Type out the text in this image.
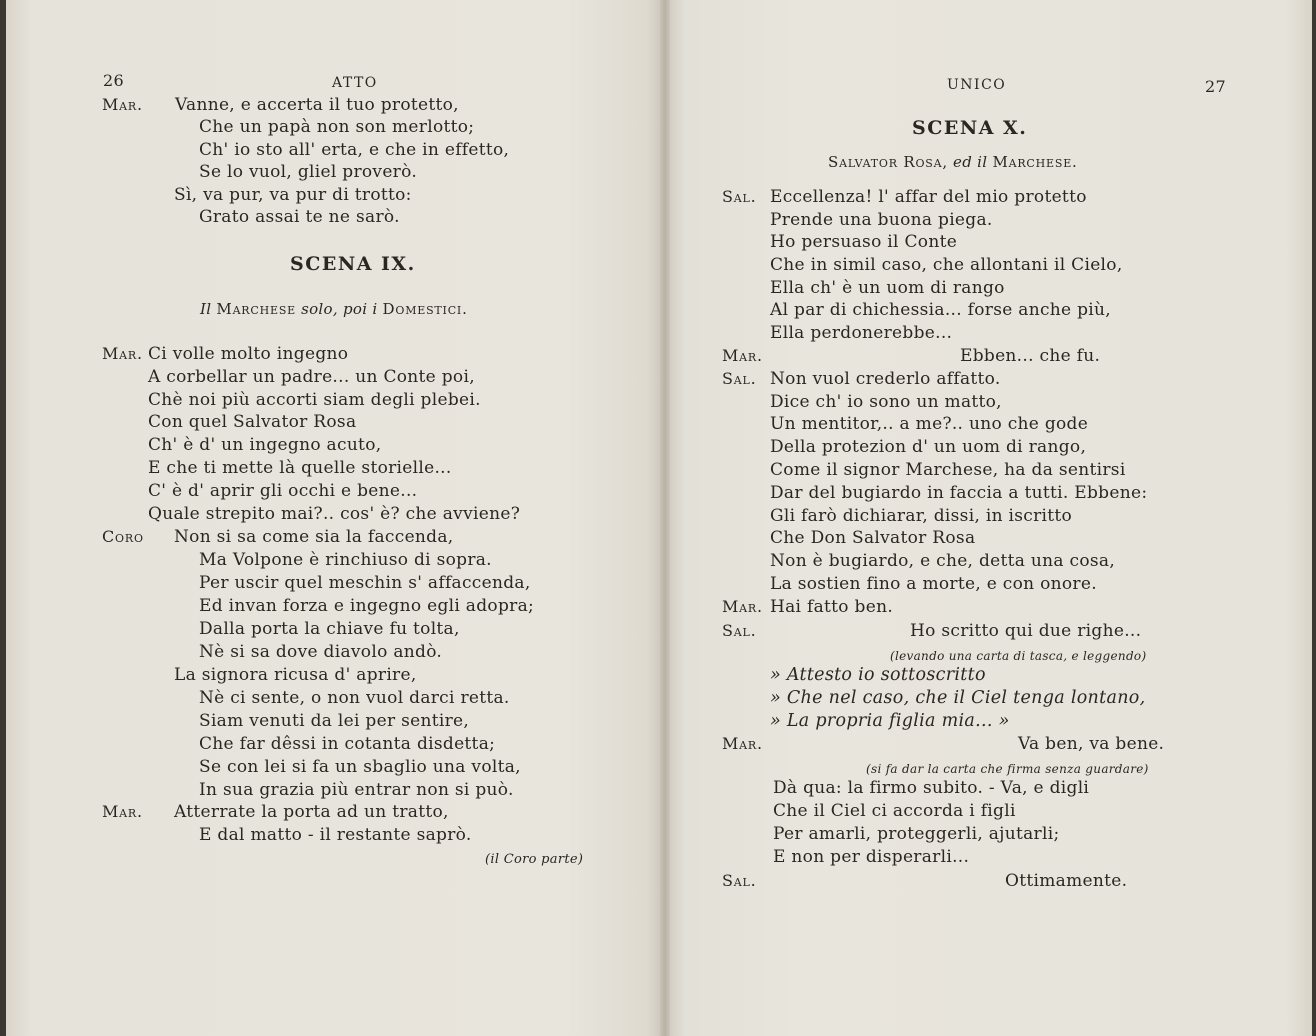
26	ATTO
Mar. Vanne, e accerta il tuo protetto,
Che un papà non son merlotto;
Ch' io sto all' erta, e che in effetto,
Se lo vuol, gliel proverò.
Sì, va pur, va pur di trotto:
Grato assai te ne sarò.
SCENA IX.
Il Marchese solo, poi i Domestici.
Mar. Ci volle molto ingegno
A corbellar un padre... un Conte poi,
Chè noi più accorti siam degli plebei.
Con quel Salvator Rosa
Ch' è d' un ingegno acuto,
E che ti mette là quelle storielle...
C' è d' aprir gli occhi e bene...
Quale strepito mai?.. cos' è? che avviene?
Coro Non si sa come sia la faccenda,
Ma Volpone è rinchiuso di sopra.
Per uscir quel meschin s' affaccenda,
Ed invan forza e ingegno egli adopra;
Dalla porta la chiave fu tolta,
Nè si sa dove diavolo andò.
La signora ricusa d' aprire,
Nè ci sente, o non vuol darci retta.
Siam venuti da lei per sentire,
Che far dêssi in cotanta disdetta;
Se con lei si fa un sbaglio una volta,
In sua grazia più entrar non si può.
Mar. Atterrate la porta ad un tratto,
E dal matto - il restante saprò.
(il Coro parte)
UNICO	27
SCENA X.
Salvator Rosa, ed il Marchese.
Sal. Eccellenza! l' affar del mio protetto
Prende una buona piega.
Ho persuaso il Conte
Che in simil caso, che allontani il Cielo,
Ella ch' è un uom di rango
Al par di chichessia... forse anche più,
Ella perdonerebbe...
Mar.	Ebben... che fu.
Sal. Non vuol crederlo affatto.
Dice ch' io sono un matto,
Un mentitor,.. a me?.. uno che gode
Della protezion d' un uom di rango,
Come il signor Marchese, ha da sentirsi
Dar del bugiardo in faccia a tutti. Ebbene:
Gli farò dichiarar, dissi, in iscritto
Che Don Salvator Rosa
Non è bugiardo, e che, detta una cosa,
La sostien fino a morte, e con onore.
Mar. Hai fatto ben.
Sal.	Ho scritto qui due righe...
(levando una carta di tasca, e leggendo)
» Attesto io sottoscritto
» Che nel caso, che il Ciel tenga lontano,
» La propria figlia mia... »
Mar.	Va ben, va bene.
(si fa dar la carta che firma senza guardare)
Dà qua: la firmo subito. - Va, e digli
Che il Ciel ci accorda i figli
Per amarli, proteggerli, ajutarli;
E non per disperarli...
Sal.	Ottimamente.
